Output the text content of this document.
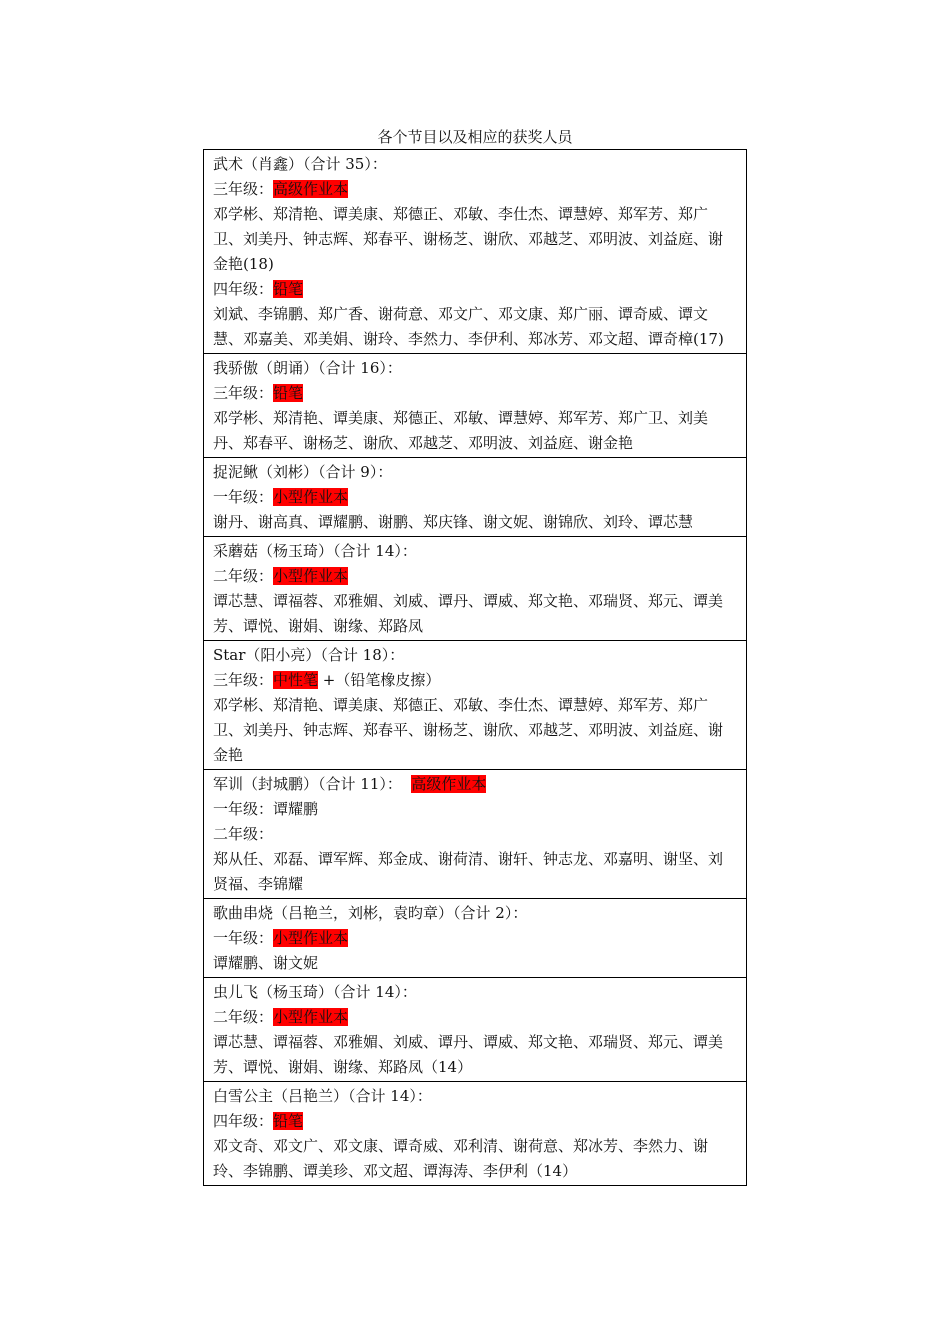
各个节目以及相应的获奖人员
武术（肖鑫）（合计 35）：
三年级：高级作业本
邓学彬、郑清艳、谭美康、郑德正、邓敏、李仕杰、谭慧婷、郑军芳、郑广卫、刘美丹、钟志辉、郑春平、谢杨芝、谢欣、邓越芝、邓明波、刘益庭、谢金艳(18)
四年级：铅笔
刘斌、李锦鹏、郑广香、谢荷意、邓文广、邓文康、郑广丽、谭奇威、谭文慧、邓嘉美、邓美娟、谢玲、李然力、李伊利、郑冰芳、邓文超、谭奇樟(17)

我骄傲（朗诵）（合计 16）：
三年级：铅笔
邓学彬、郑清艳、谭美康、郑德正、邓敏、谭慧婷、郑军芳、郑广卫、刘美丹、郑春平、谢杨芝、谢欣、邓越芝、邓明波、刘益庭、谢金艳

捉泥鳅（刘彬）（合计 9）：
一年级：小型作业本
谢丹、谢高真、谭耀鹏、谢鹏、郑庆锋、谢文妮、谢锦欣、刘玲、谭芯慧

采蘑菇（杨玉琦）（合计 14）：
二年级：小型作业本
谭芯慧、谭福蓉、邓雅媚、刘威、谭丹、谭威、郑文艳、邓瑞贤、郑元、谭美芳、谭悦、谢娟、谢缘、郑路凤

Star（阳小亮）（合计 18）：
三年级：中性笔 +（铅笔橡皮擦）
邓学彬、郑清艳、谭美康、郑德正、邓敏、李仕杰、谭慧婷、郑军芳、郑广卫、刘美丹、钟志辉、郑春平、谢杨芝、谢欣、邓越芝、邓明波、刘益庭、谢金艳

军训（封城鹏）（合计 11）： 高级作业本
一年级：谭耀鹏
二年级：
郑从任、邓磊、谭军辉、郑金成、谢荷清、谢轩、钟志龙、邓嘉明、谢坚、刘贤福、李锦耀

歌曲串烧（吕艳兰，刘彬，袁昀章）（合计 2）：
一年级：小型作业本
谭耀鹏、谢文妮

虫儿飞（杨玉琦）（合计 14）：
二年级：小型作业本
谭芯慧、谭福蓉、邓雅媚、刘威、谭丹、谭威、郑文艳、邓瑞贤、郑元、谭美芳、谭悦、谢娟、谢缘、郑路凤（14）

白雪公主（吕艳兰）（合计 14）：
四年级：铅笔
邓文奇、邓文广、邓文康、谭奇威、邓利清、谢荷意、郑冰芳、李然力、谢玲、李锦鹏、谭美珍、邓文超、谭海涛、李伊利（14）
